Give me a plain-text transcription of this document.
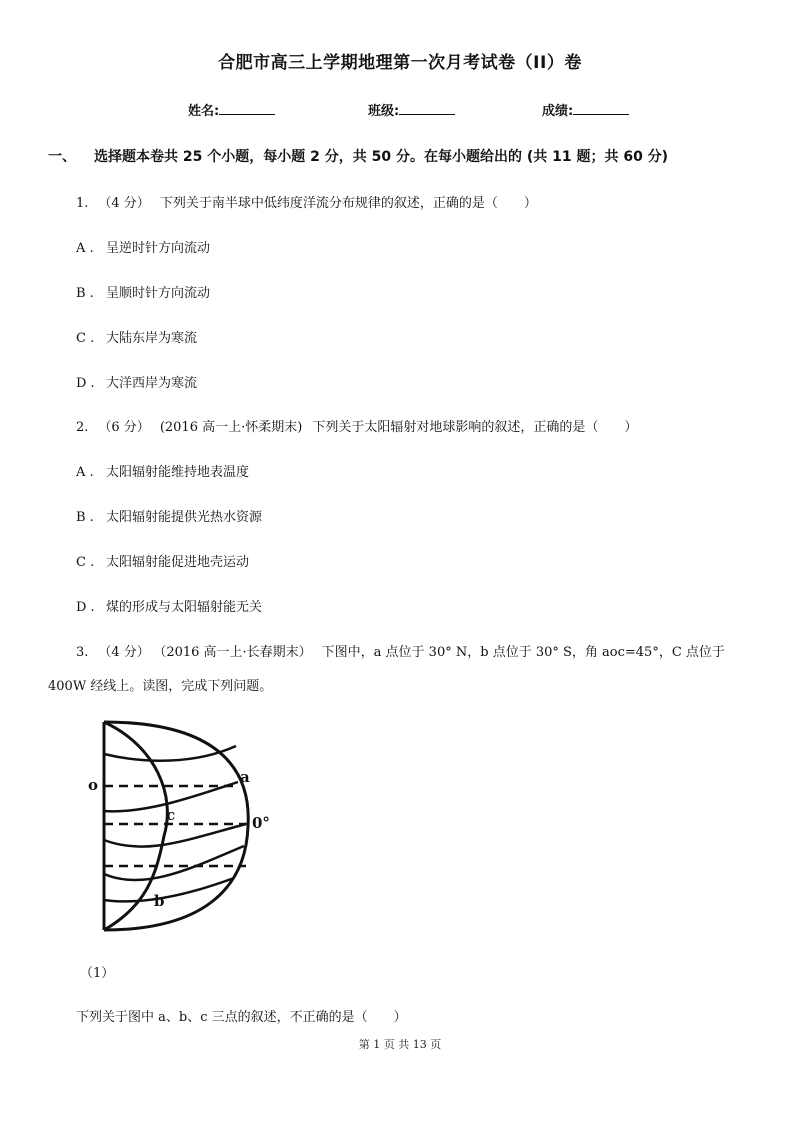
合肥市高三上学期地理第一次月考试卷（II）卷
姓名:	班级:	成绩:
一、 选择题本卷共 25 个小题，每小题 2 分，共 50 分。在每小题给出的 (共 11 题；共 60 分)
1. （4 分） 下列关于南半球中低纬度洋流分布规律的叙述，正确的是（　　）
A . 呈逆时针方向流动
B . 呈顺时针方向流动
C . 大陆东岸为寒流
D . 大洋西岸为寒流
2. （6 分） (2016 高一上·怀柔期末) 下列关于太阳辐射对地球影响的叙述，正确的是（　　）
A . 太阳辐射能维持地表温度
B . 太阳辐射能提供光热水资源
C . 太阳辐射能促进地壳运动
D . 煤的形成与太阳辐射能无关
3. （4 分） （2016 高一上·长春期末） 下图中，a 点位于 30° N，b 点位于 30° S，角 aoc=45°，C 点位于
400W 经线上。读图，完成下列问题。
o	a
c
b
0°
（1）
下列关于图中 a、b、c 三点的叙述，不正确的是（　　）
第 1 页 共 13 页
